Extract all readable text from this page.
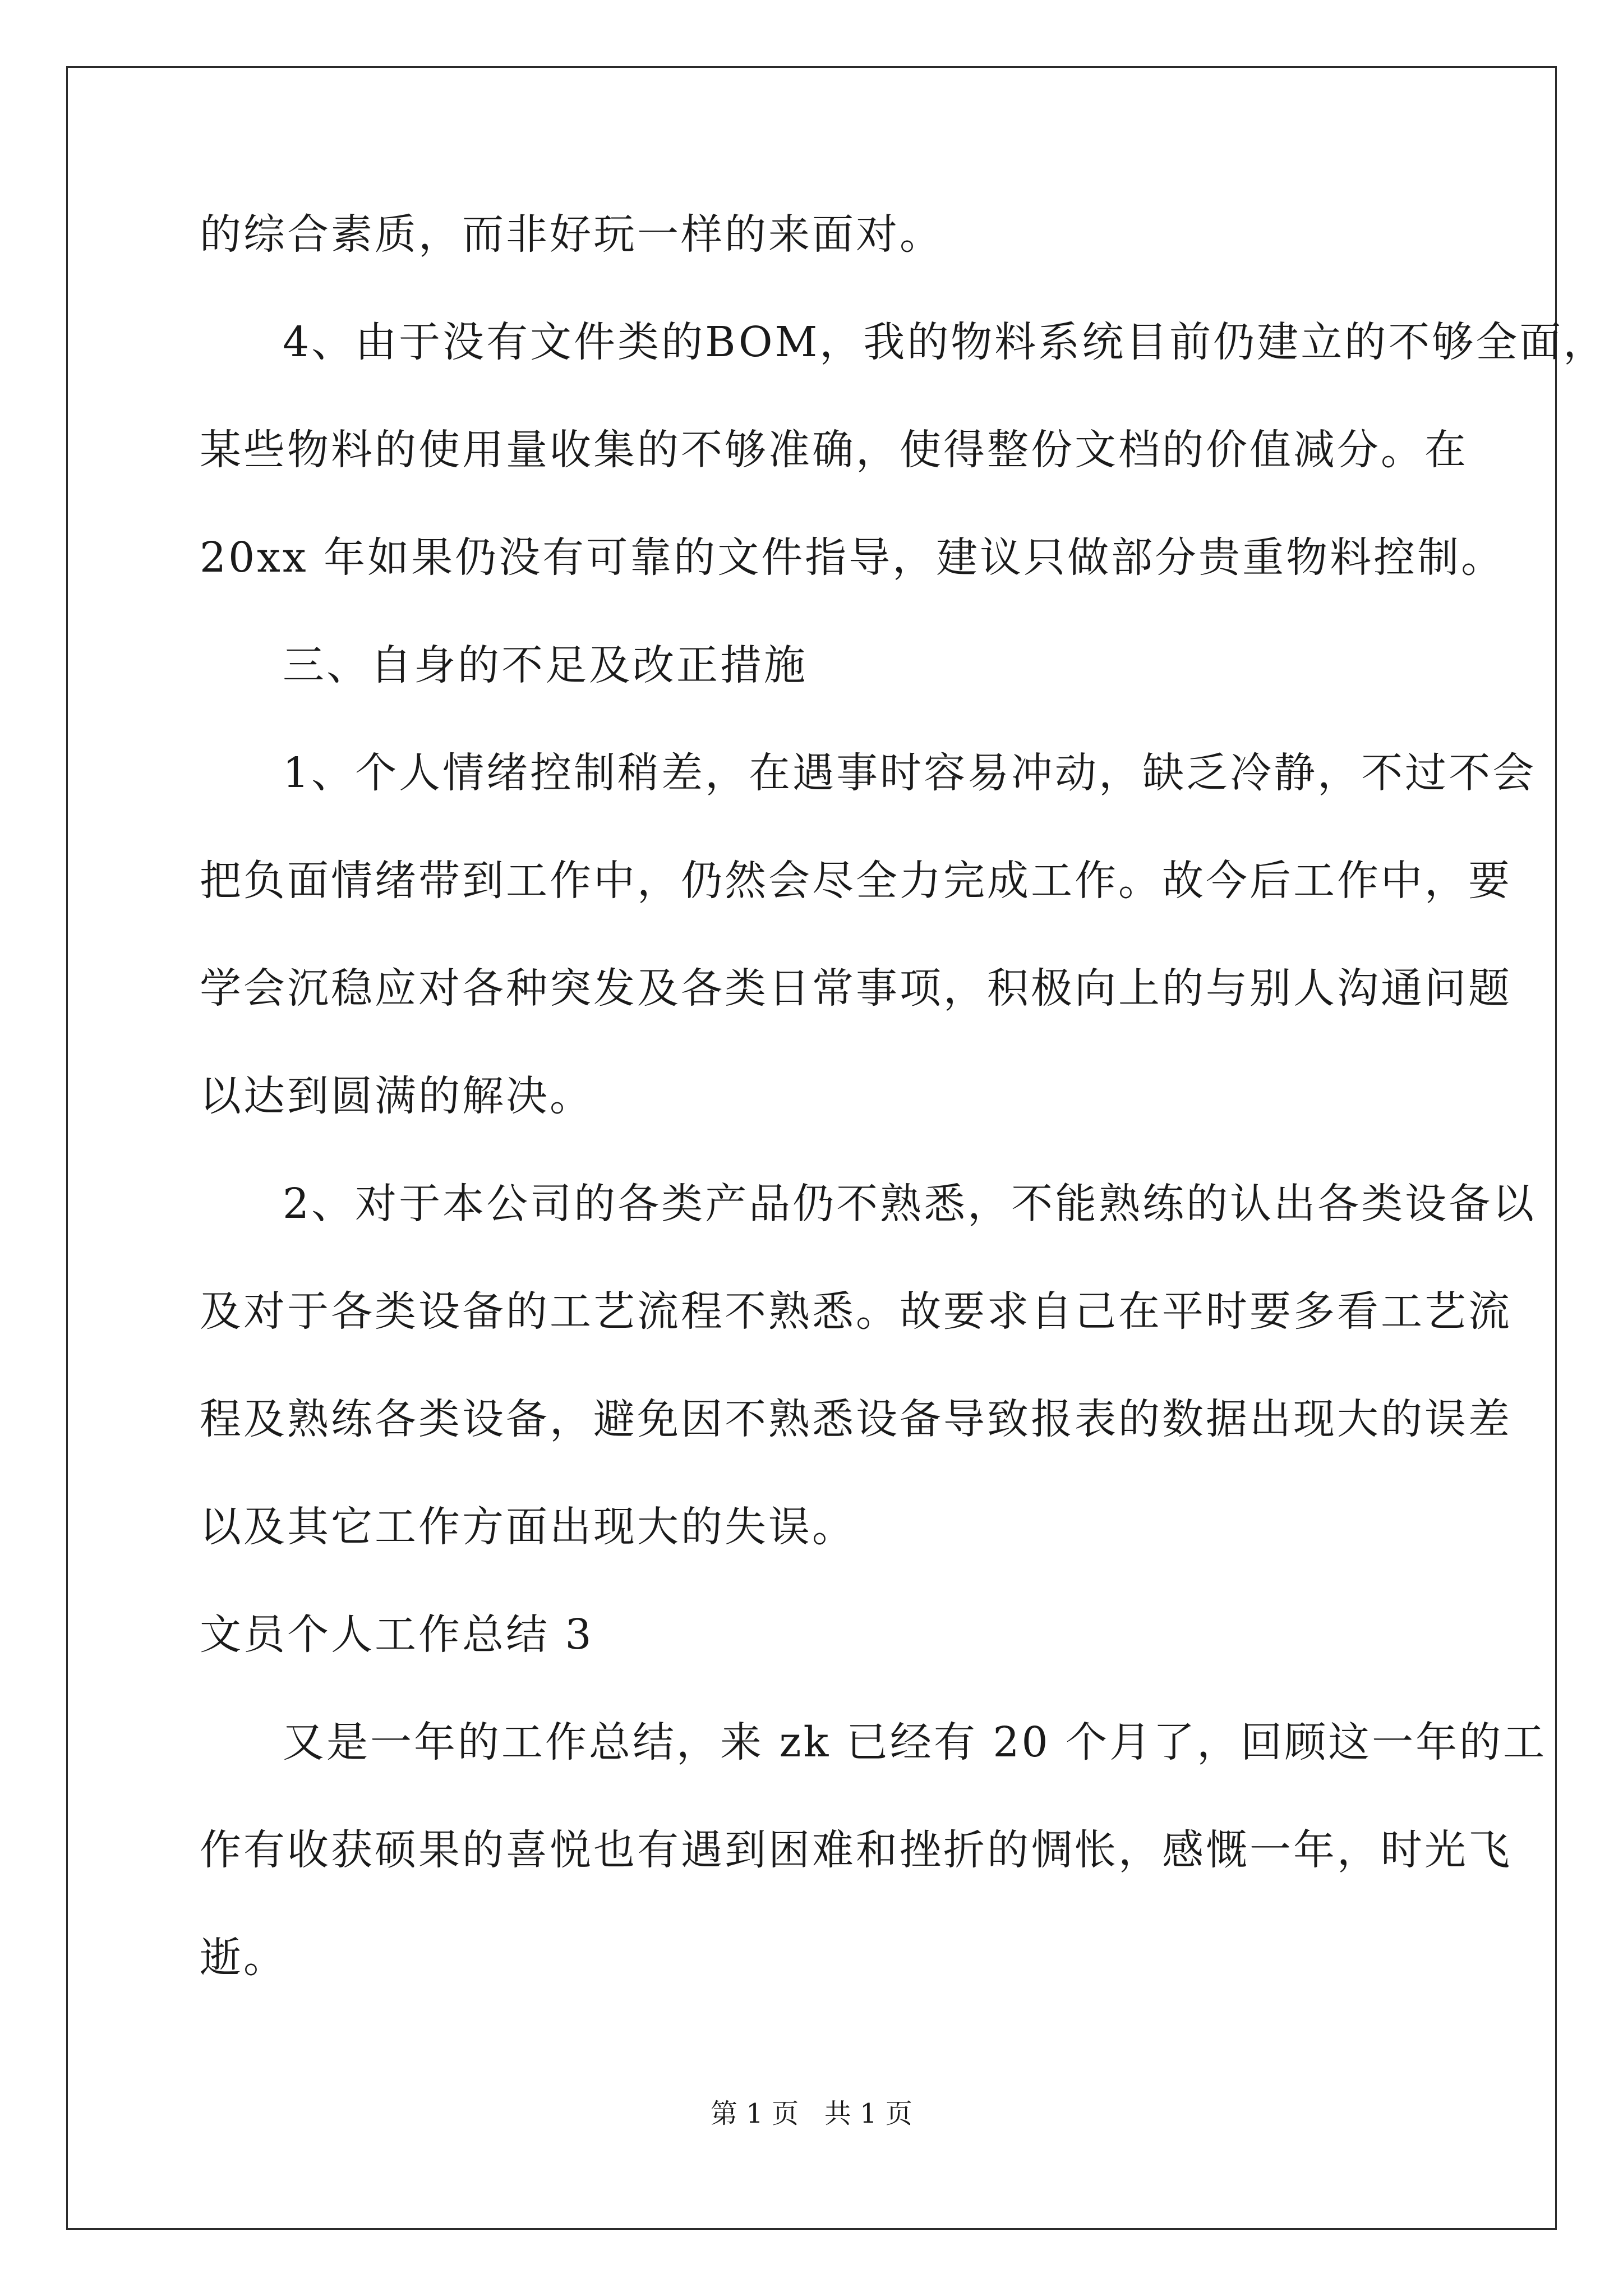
的综合素质，而非好玩一样的来面对。

4、由于没有文件类的BOM，我的物料系统目前仍建立的不够全面，

某些物料的使用量收集的不够准确，使得整份文档的价值减分。在

20xx 年如果仍没有可靠的文件指导，建议只做部分贵重物料控制。

三、自身的不足及改正措施

1、个人情绪控制稍差，在遇事时容易冲动，缺乏冷静，不过不会

把负面情绪带到工作中，仍然会尽全力完成工作。故今后工作中，要

学会沉稳应对各种突发及各类日常事项，积极向上的与别人沟通问题

以达到圆满的解决。

2、对于本公司的各类产品仍不熟悉，不能熟练的认出各类设备以

及对于各类设备的工艺流程不熟悉。故要求自己在平时要多看工艺流

程及熟练各类设备，避免因不熟悉设备导致报表的数据出现大的误差

以及其它工作方面出现大的失误。

文员个人工作总结 3

又是一年的工作总结，来 zk 已经有 20 个月了，回顾这一年的工

作有收获硕果的喜悦也有遇到困难和挫折的惆怅，感慨一年，时光飞

逝。

第 1 页   共 1 页
